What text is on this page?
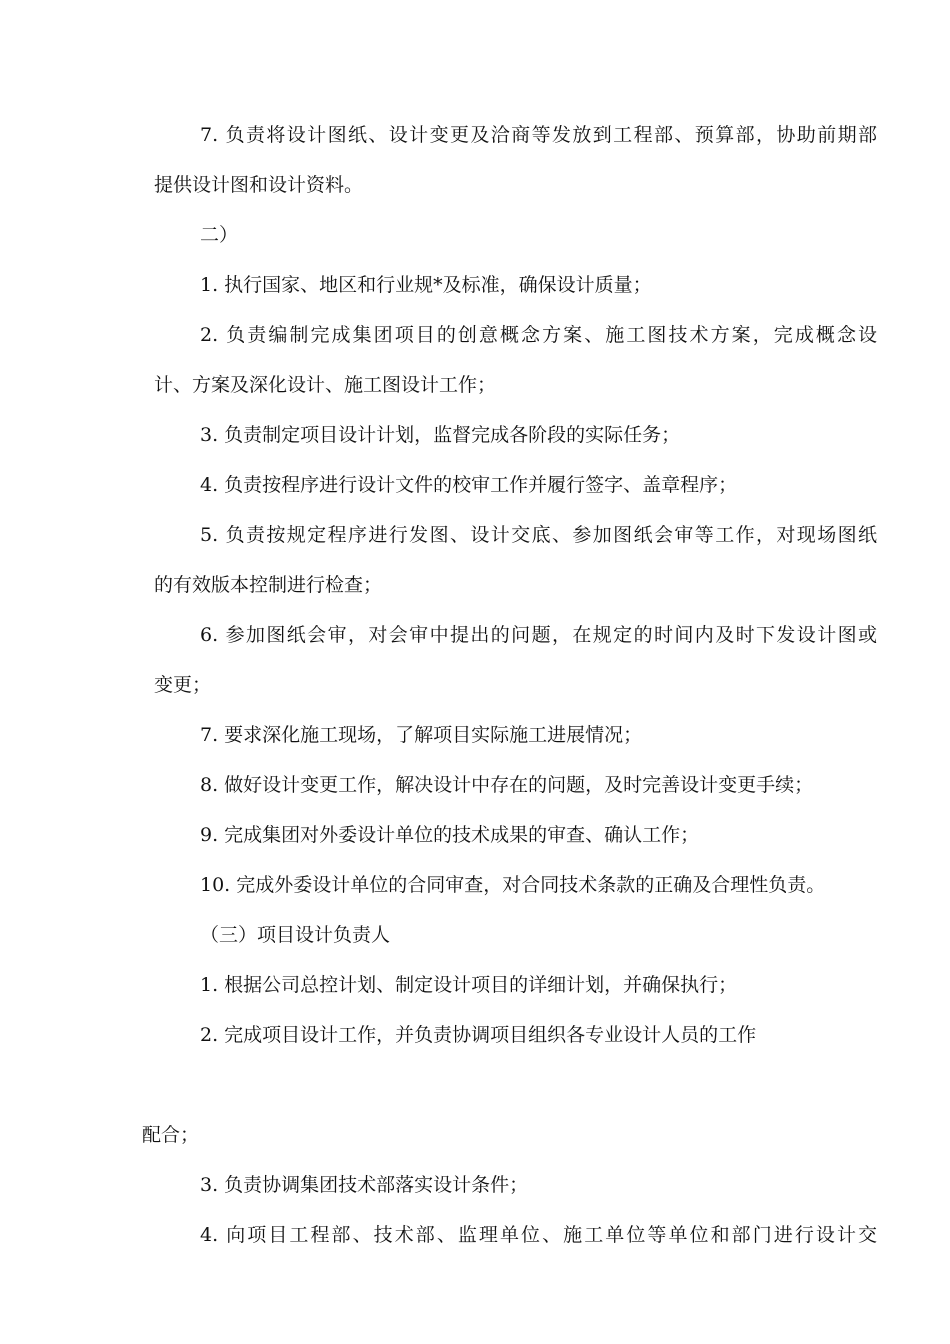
7. 负责将设计图纸、设计变更及洽商等发放到工程部、预算部，协助前期部

提供设计图和设计资料。

二）

1. 执行国家、地区和行业规*及标准，确保设计质量；

2. 负责编制完成集团项目的创意概念方案、施工图技术方案，完成概念设

计、方案及深化设计、施工图设计工作；

3. 负责制定项目设计计划，监督完成各阶段的实际任务；

4. 负责按程序进行设计文件的校审工作并履行签字、盖章程序；

5. 负责按规定程序进行发图、设计交底、参加图纸会审等工作，对现场图纸

的有效版本控制进行检查；

6. 参加图纸会审，对会审中提出的问题，在规定的时间内及时下发设计图或

变更；

7. 要求深化施工现场，了解项目实际施工进展情况；

8. 做好设计变更工作，解决设计中存在的问题，及时完善设计变更手续；

9. 完成集团对外委设计单位的技术成果的审查、确认工作；

10. 完成外委设计单位的合同审查，对合同技术条款的正确及合理性负责。

（三）项目设计负责人

1. 根据公司总控计划、制定设计项目的详细计划，并确保执行；

2. 完成项目设计工作，并负责协调项目组织各专业设计人员的工作

配合；

3. 负责协调集团技术部落实设计条件；

4. 向项目工程部、技术部、监理单位、施工单位等单位和部门进行设计交
